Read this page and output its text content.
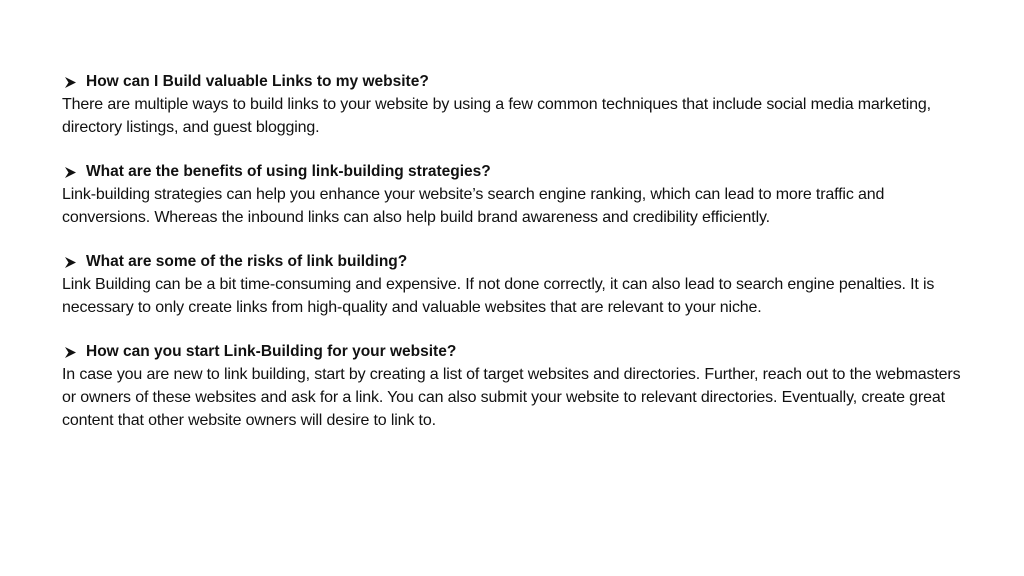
How can I Build valuable Links to my website?

There are multiple ways to build links to your website by using a few common techniques that include social media marketing, directory listings, and guest blogging.

What are the benefits of using link-building strategies?

Link-building strategies can help you enhance your website’s search engine ranking, which can lead to more traffic and conversions. Whereas the inbound links can also help build brand awareness and credibility efficiently.

What are some of the risks of link building?

Link Building can be a bit time-consuming and expensive. If not done correctly, it can also lead to search engine penalties. It is necessary to only create links from high-quality and valuable websites that are relevant to your niche.

How can you start Link-Building for your website?

In case you are new to link building, start by creating a list of target websites and directories. Further, reach out to the webmasters or owners of these websites and ask for a link. You can also submit your website to relevant directories. Eventually, create great content that other website owners will desire to link to.
